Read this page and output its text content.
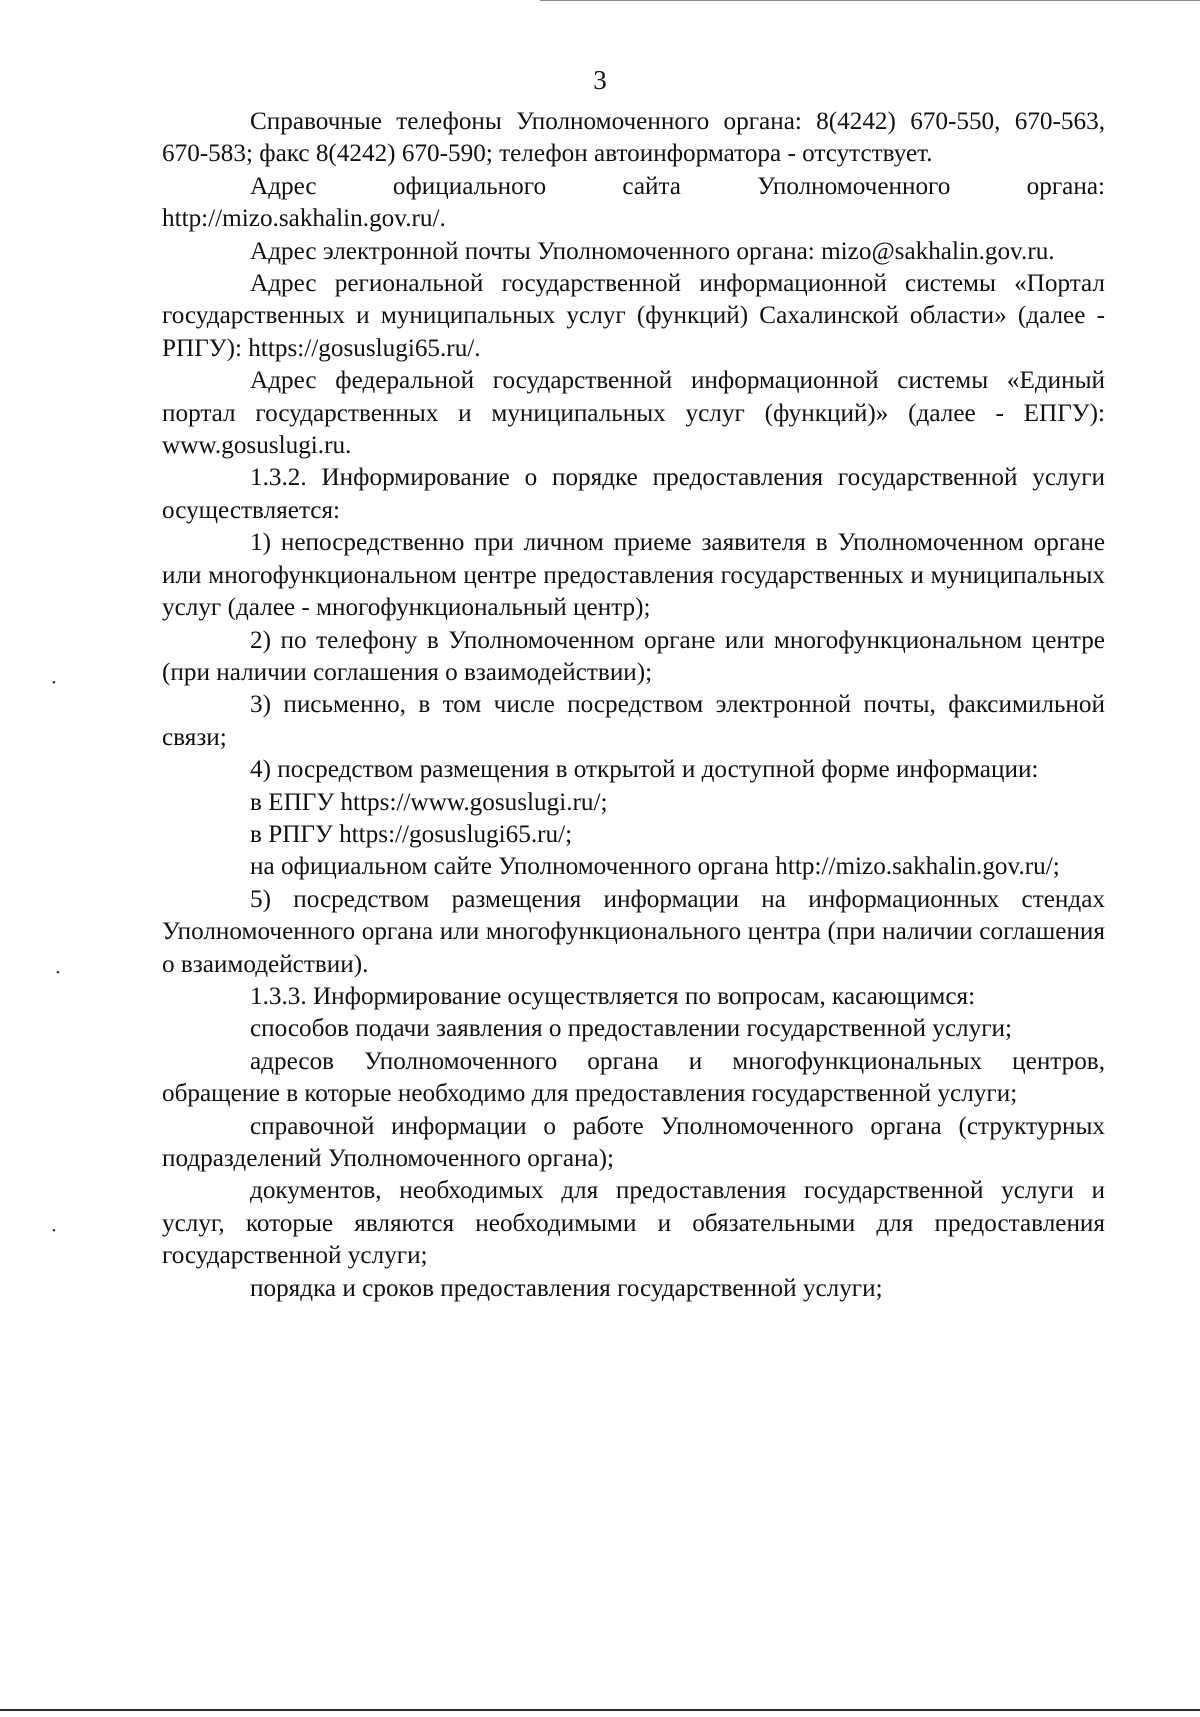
3

Справочные телефоны Уполномоченного органа: 8(4242) 670-550, 670-563, 670-583; факс 8(4242) 670-590; телефон автоинформатора - отсутствует.

Адрес официального сайта Уполномоченного органа: http://mizo.sakhalin.gov.ru/.

Адрес электронной почты Уполномоченного органа: mizo@sakhalin.gov.ru.

Адрес региональной государственной информационной системы «Портал государственных и муниципальных услуг (функций) Сахалинской области» (далее - РПГУ): https://gosuslugi65.ru/.

Адрес федеральной государственной информационной системы «Единый портал государственных и муниципальных услуг (функций)» (далее - ЕПГУ): www.gosuslugi.ru.

1.3.2. Информирование о порядке предоставления государственной услуги осуществляется:

1) непосредственно при личном приеме заявителя в Уполномоченном органе или многофункциональном центре предоставления государственных и муниципальных услуг (далее - многофункциональный центр);

2) по телефону в Уполномоченном органе или многофункциональном центре (при наличии соглашения о взаимодействии);

3) письменно, в том числе посредством электронной почты, факсимильной связи;

4) посредством размещения в открытой и доступной форме информации:

в ЕПГУ https://www.gosuslugi.ru/;

в РПГУ https://gosuslugi65.ru/;

на официальном сайте Уполномоченного органа http://mizo.sakhalin.gov.ru/;

5) посредством размещения информации на информационных стендах Уполномоченного органа или многофункционального центра (при наличии соглашения о взаимодействии).

1.3.3. Информирование осуществляется по вопросам, касающимся:

способов подачи заявления о предоставлении государственной услуги;

адресов Уполномоченного органа и многофункциональных центров, обращение в которые необходимо для предоставления государственной услуги;

справочной информации о работе Уполномоченного органа (структурных подразделений Уполномоченного органа);

документов, необходимых для предоставления государственной услуги и услуг, которые являются необходимыми и обязательными для предоставления государственной услуги;

порядка и сроков предоставления государственной услуги;

•
•
•
